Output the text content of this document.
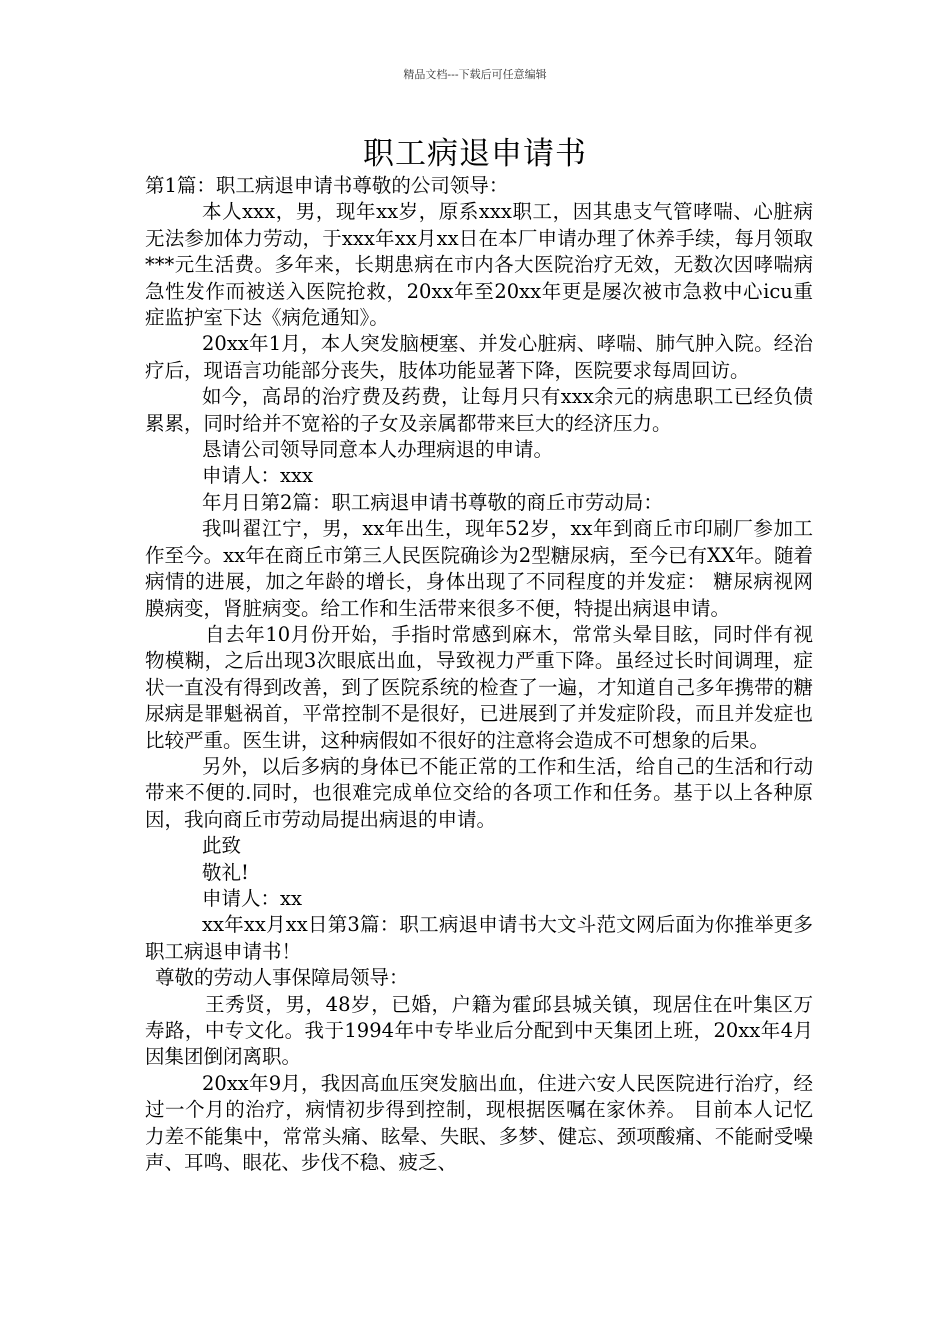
精品文档---下载后可任意编辑
职工病退申请书

第1篇：职工病退申请书尊敬的公司领导：

本人xxx，男，现年xx岁，原系xxx职工，因其患支气管哮喘、心脏病无法参加体力劳动，于xxx年xx月xx日在本厂申请办理了休养手续，每月领取***元生活费。多年来，长期患病在市内各大医院治疗无效，无数次因哮喘病急性发作而被送入医院抢救，20xx年至20xx年更是屡次被市急救中心icu重症监护室下达《病危通知》。

20xx年1月，本人突发脑梗塞、并发心脏病、哮喘、肺气肿入院。经治疗后，现语言功能部分丧失，肢体功能显著下降，医院要求每周回访。

如今，高昂的治疗费及药费，让每月只有xxx余元的病患职工已经负债累累，同时给并不宽裕的子女及亲属都带来巨大的经济压力。

恳请公司领导同意本人办理病退的申请。

申请人：xxx

年月日第2篇：职工病退申请书尊敬的商丘市劳动局：

我叫翟江宁，男，xx年出生，现年52岁，xx年到商丘市印刷厂参加工作至今。xx年在商丘市第三人民医院确诊为2型糖尿病，至今已有XX年。随着病情的进展，加之年龄的增长，身体出现了不同程度的并发症： 糖尿病视网膜病变，肾脏病变。给工作和生活带来很多不便，特提出病退申请。

自去年10月份开始，手指时常感到麻木，常常头晕目眩，同时伴有视物模糊，之后出现3次眼底出血，导致视力严重下降。虽经过长时间调理，症状一直没有得到改善，到了医院系统的检查了一遍，才知道自己多年携带的糖尿病是罪魁祸首，平常控制不是很好，已进展到了并发症阶段，而且并发症也比较严重。医生讲，这种病假如不很好的注意将会造成不可想象的后果。

另外，以后多病的身体已不能正常的工作和生活，给自己的生活和行动带来不便的.同时，也很难完成单位交给的各项工作和任务。基于以上各种原因，我向商丘市劳动局提出病退的申请。

此致

敬礼!

申请人：xx

xx年xx月xx日第3篇：职工病退申请书大文斗范文网后面为你推举更多职工病退申请书！

尊敬的劳动人事保障局领导：

王秀贤，男，48岁，已婚，户籍为霍邱县城关镇，现居住在叶集区万寿路，中专文化。我于1994年中专毕业后分配到中天集团上班，20xx年4月因集团倒闭离职。

20xx年9月，我因高血压突发脑出血，住进六安人民医院进行治疗，经过一个月的治疗，病情初步得到控制，现根据医嘱在家休养。 目前本人记忆力差不能集中，常常头痛、眩晕、失眠、多梦、健忘、颈项酸痛、不能耐受噪声、耳鸣、眼花、步伐不稳、疲乏、
